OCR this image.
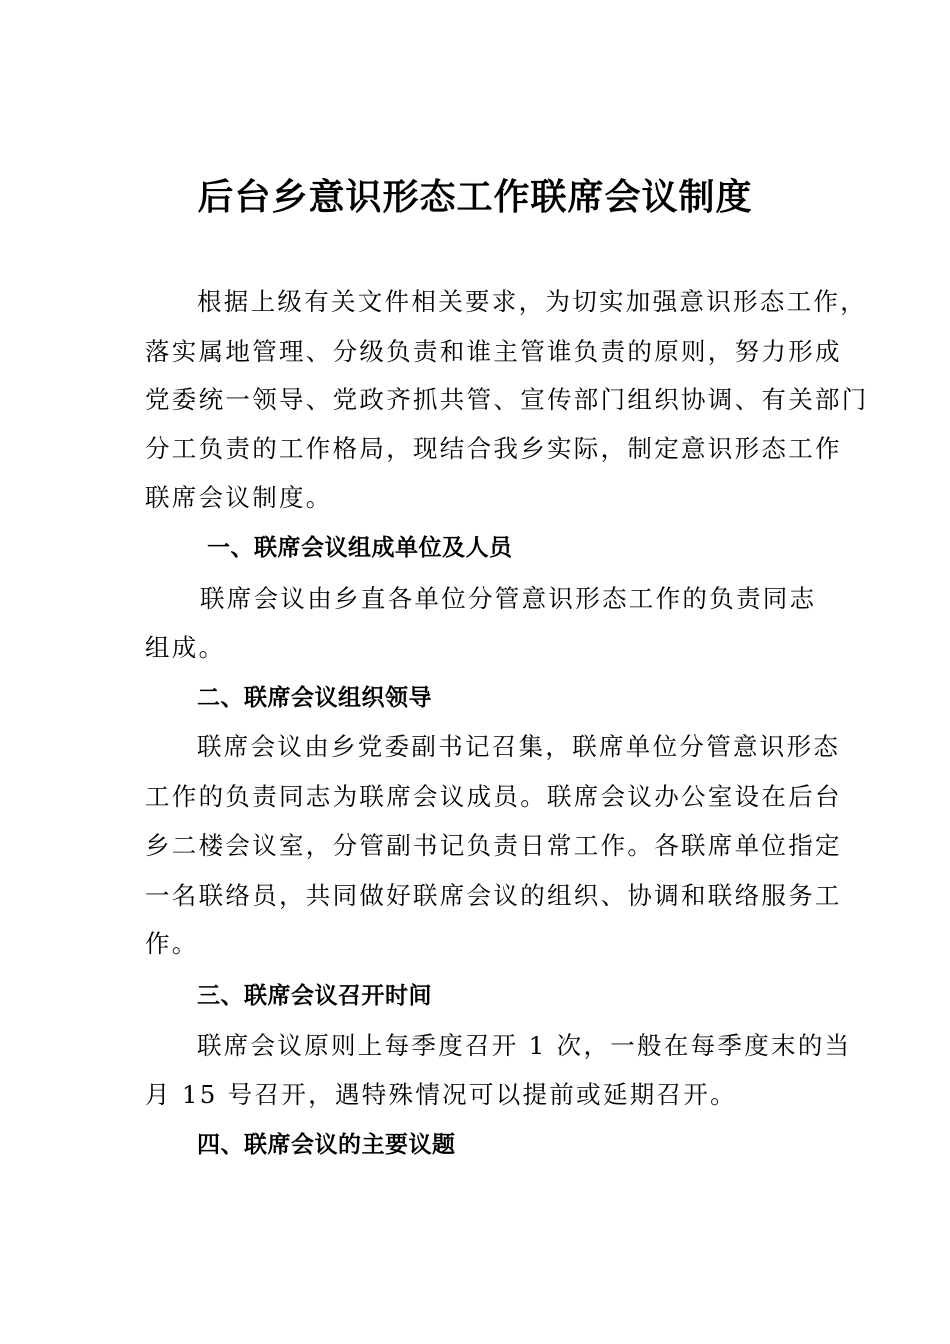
后台乡意识形态工作联席会议制度
根据上级有关文件相关要求，为切实加强意识形态工作，
落实属地管理、分级负责和谁主管谁负责的原则，努力形成
党委统一领导、党政齐抓共管、宣传部门组织协调、有关部门
分工负责的工作格局，现结合我乡实际，制定意识形态工作
联席会议制度。
一、联席会议组成单位及人员
联席会议由乡直各单位分管意识形态工作的负责同志
组成。
二、联席会议组织领导
联席会议由乡党委副书记召集，联席单位分管意识形态
工作的负责同志为联席会议成员。联席会议办公室设在后台
乡二楼会议室，分管副书记负责日常工作。各联席单位指定
一名联络员，共同做好联席会议的组织、协调和联络服务工
作。
三、联席会议召开时间
联席会议原则上每季度召开 1 次，一般在每季度末的当
月 15 号召开，遇特殊情况可以提前或延期召开。
四、联席会议的主要议题
